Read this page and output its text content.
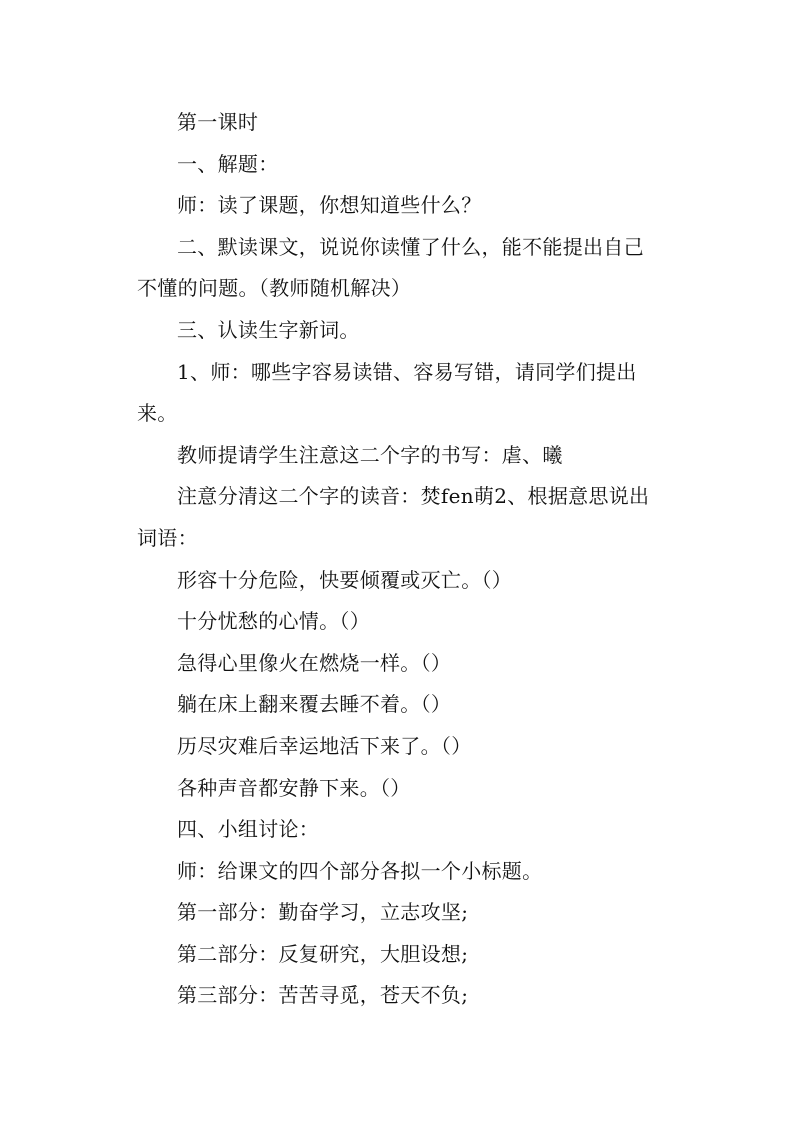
第一课时

一、解题：

师：读了课题，你想知道些什么？

二、默读课文，说说你读懂了什么，能不能提出自己不懂的问题。（教师随机解决）

三、认读生字新词。

1、师：哪些字容易读错、容易写错，请同学们提出来。

教师提请学生注意这二个字的书写：虐、曦

注意分清这二个字的读音：焚fen萌2、根据意思说出词语：

形容十分危险，快要倾覆或灭亡。（）

十分忧愁的心情。（）

急得心里像火在燃烧一样。（）

躺在床上翻来覆去睡不着。（）

历尽灾难后幸运地活下来了。（）

各种声音都安静下来。（）

四、小组讨论：

师：给课文的四个部分各拟一个小标题。

第一部分：勤奋学习，立志攻坚;

第二部分：反复研究，大胆设想;

第三部分：苦苦寻觅，苍天不负;
